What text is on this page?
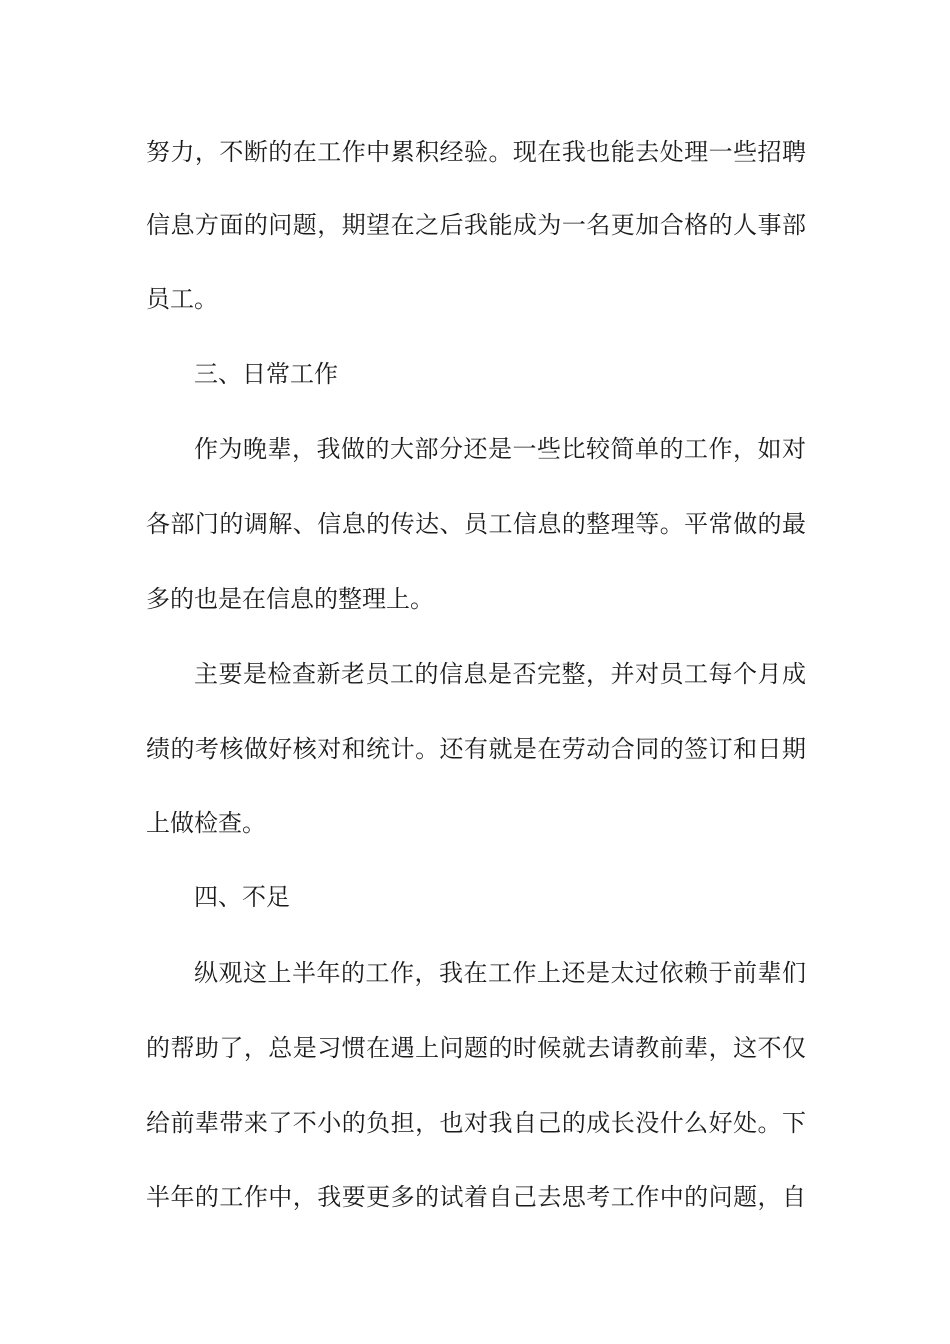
努力，不断的在工作中累积经验。现在我也能去处理一些招聘
信息方面的问题，期望在之后我能成为一名更加合格的人事部
员工。
三、日常工作
作为晚辈，我做的大部分还是一些比较简单的工作，如对
各部门的调解、信息的传达、员工信息的整理等。平常做的最
多的也是在信息的整理上。
主要是检查新老员工的信息是否完整，并对员工每个月成
绩的考核做好核对和统计。还有就是在劳动合同的签订和日期
上做检查。
四、不足
纵观这上半年的工作，我在工作上还是太过依赖于前辈们
的帮助了，总是习惯在遇上问题的时候就去请教前辈，这不仅
给前辈带来了不小的负担，也对我自己的成长没什么好处。下
半年的工作中，我要更多的试着自己去思考工作中的问题，自
